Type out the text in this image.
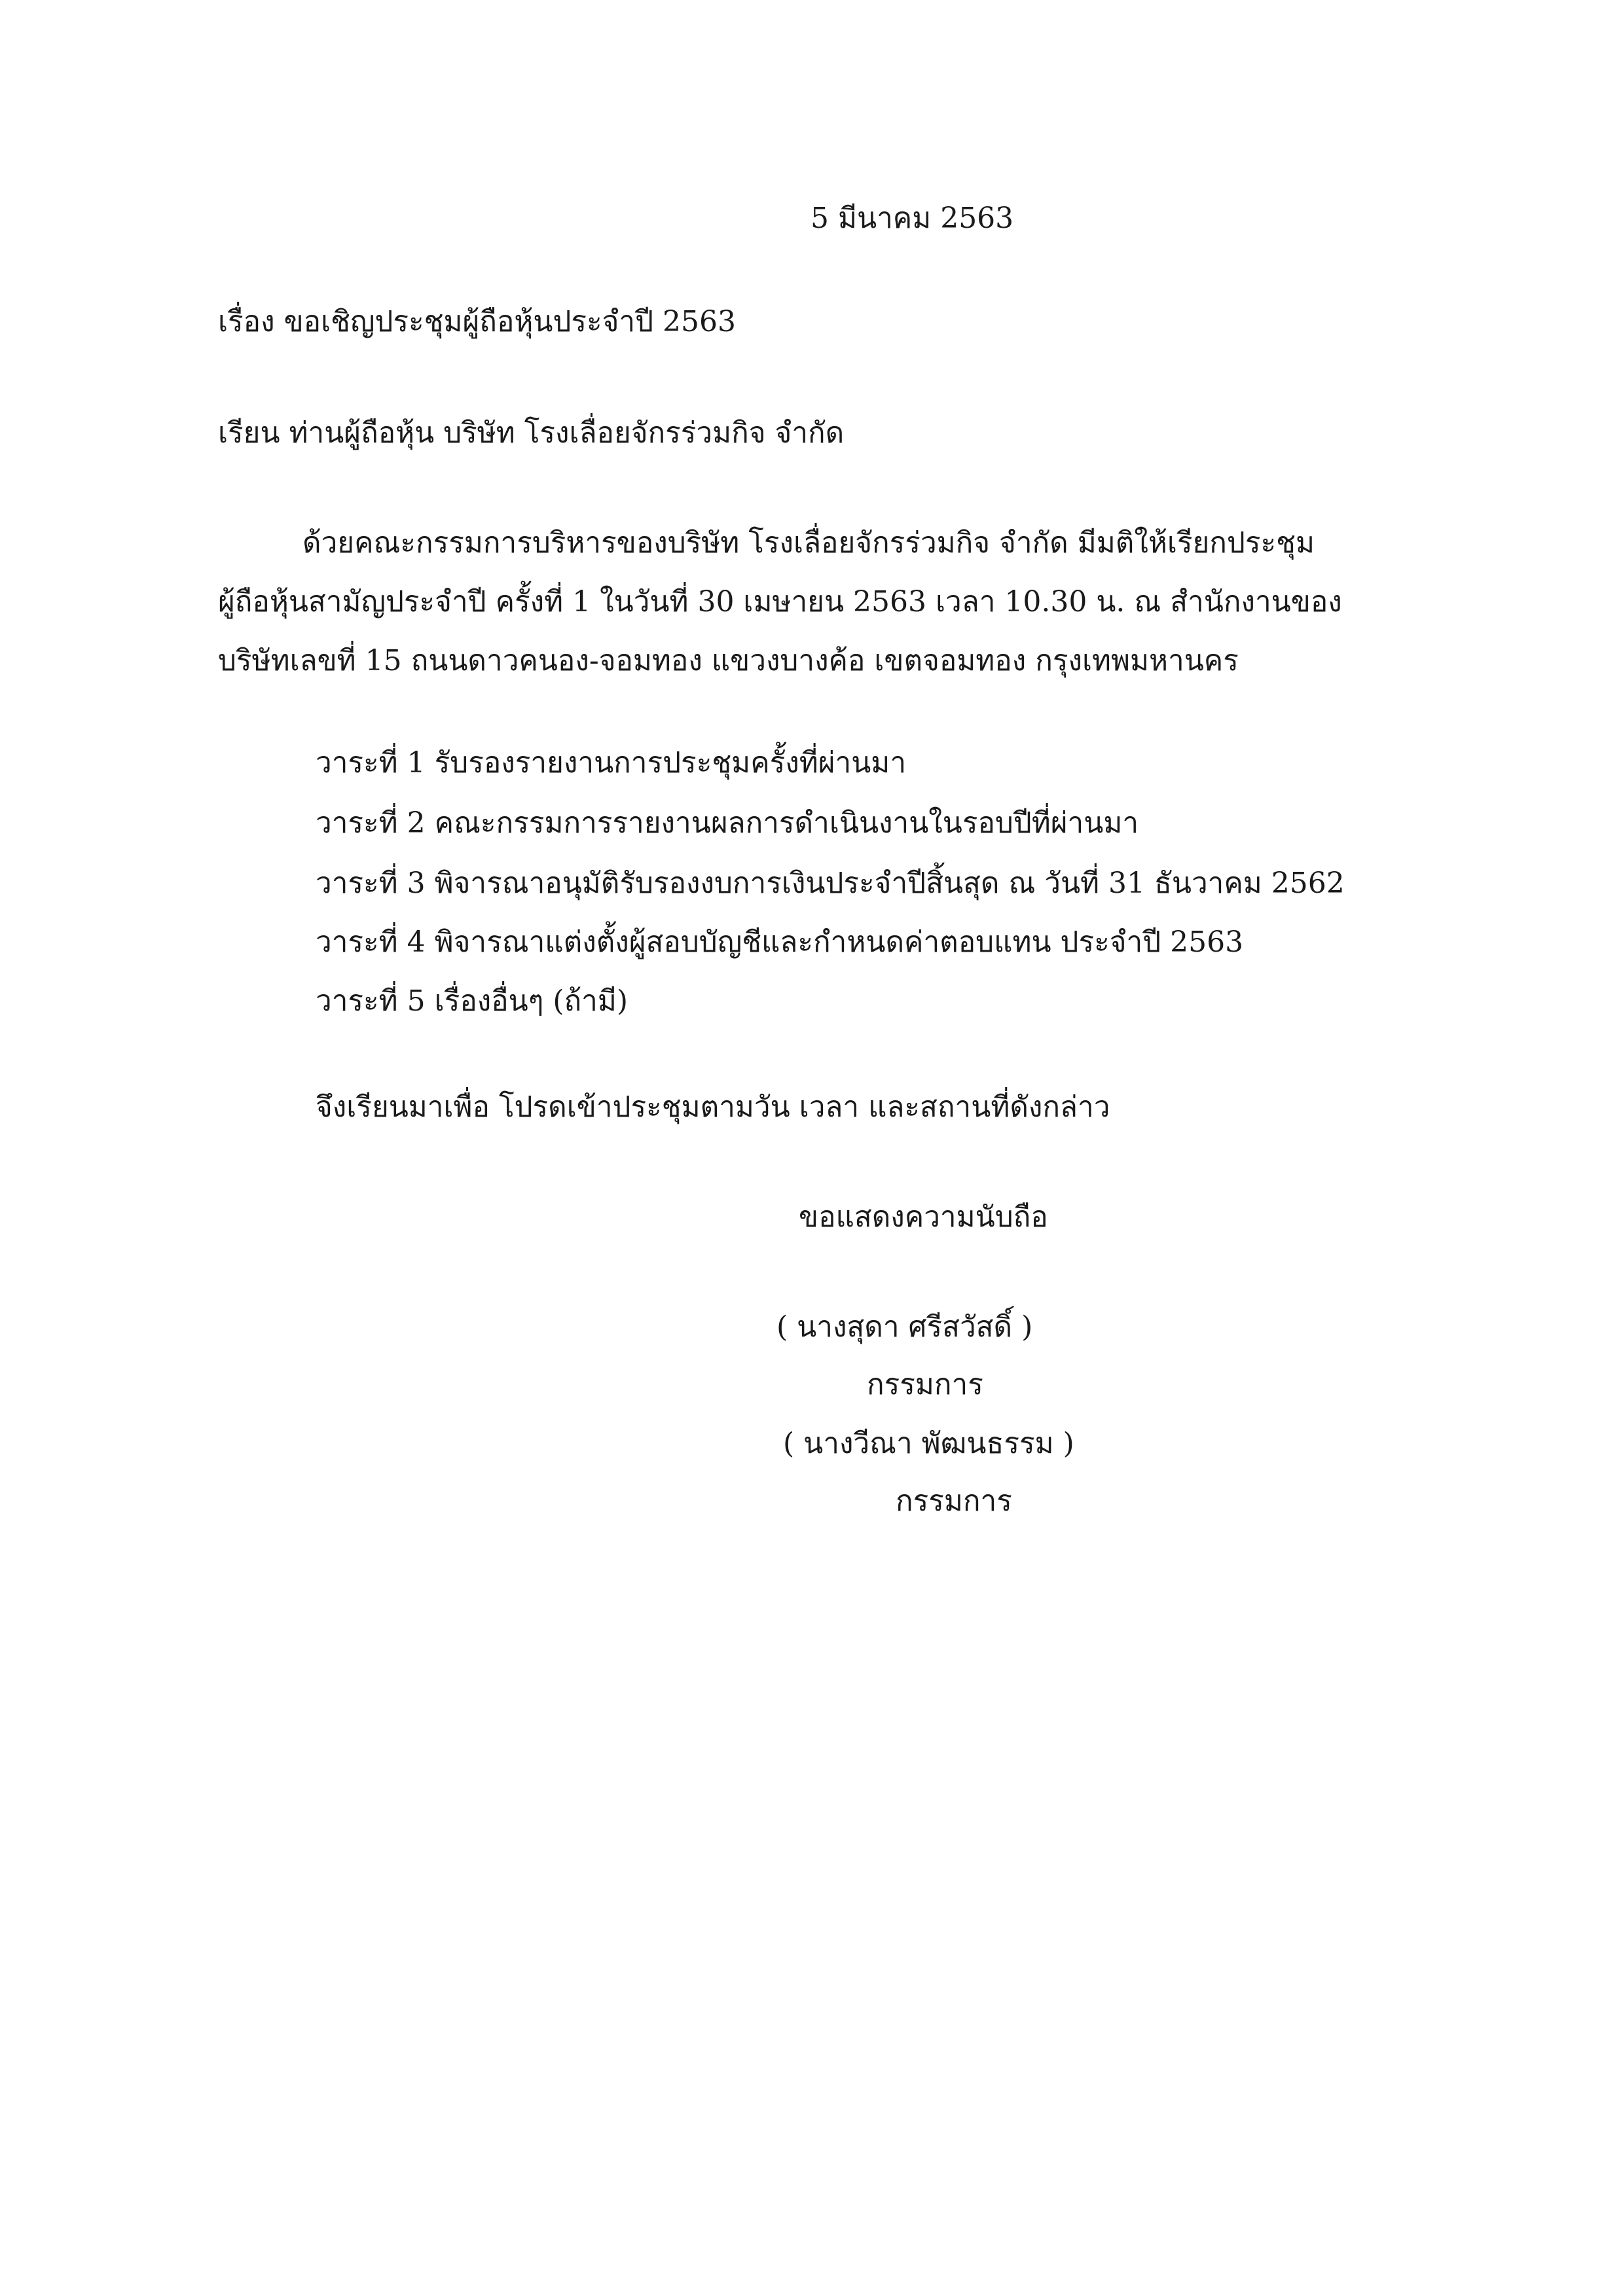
5 มีนาคม 2563
เรื่อง ขอเชิญประชุมผู้ถือหุ้นประจำปี 2563
เรียน ท่านผู้ถือหุ้น บริษัท โรงเลื่อยจักรร่วมกิจ จำกัด
ด้วยคณะกรรมการบริหารของบริษัท โรงเลื่อยจักรร่วมกิจ จำกัด มีมติให้เรียกประชุม
ผู้ถือหุ้นสามัญประจำปี ครั้งที่ 1 ในวันที่ 30 เมษายน 2563 เวลา 10.30 น. ณ สำนักงานของ
บริษัทเลขที่ 15 ถนนดาวคนอง-จอมทอง แขวงบางค้อ เขตจอมทอง กรุงเทพมหานคร
วาระที่ 1 รับรองรายงานการประชุมครั้งที่ผ่านมา
วาระที่ 2 คณะกรรมการรายงานผลการดำเนินงานในรอบปีที่ผ่านมา
วาระที่ 3 พิจารณาอนุมัติรับรองงบการเงินประจำปีสิ้นสุด ณ วันที่ 31 ธันวาคม 2562
วาระที่ 4 พิจารณาแต่งตั้งผู้สอบบัญชีและกำหนดค่าตอบแทน ประจำปี 2563
วาระที่ 5 เรื่องอื่นๆ (ถ้ามี)
จึงเรียนมาเพื่อ โปรดเข้าประชุมตามวัน เวลา และสถานที่ดังกล่าว
ขอแสดงความนับถือ
( นางสุดา ศรีสวัสดิ์ )
กรรมการ
( นางวีณา พัฒนธรรม )
กรรมการ
